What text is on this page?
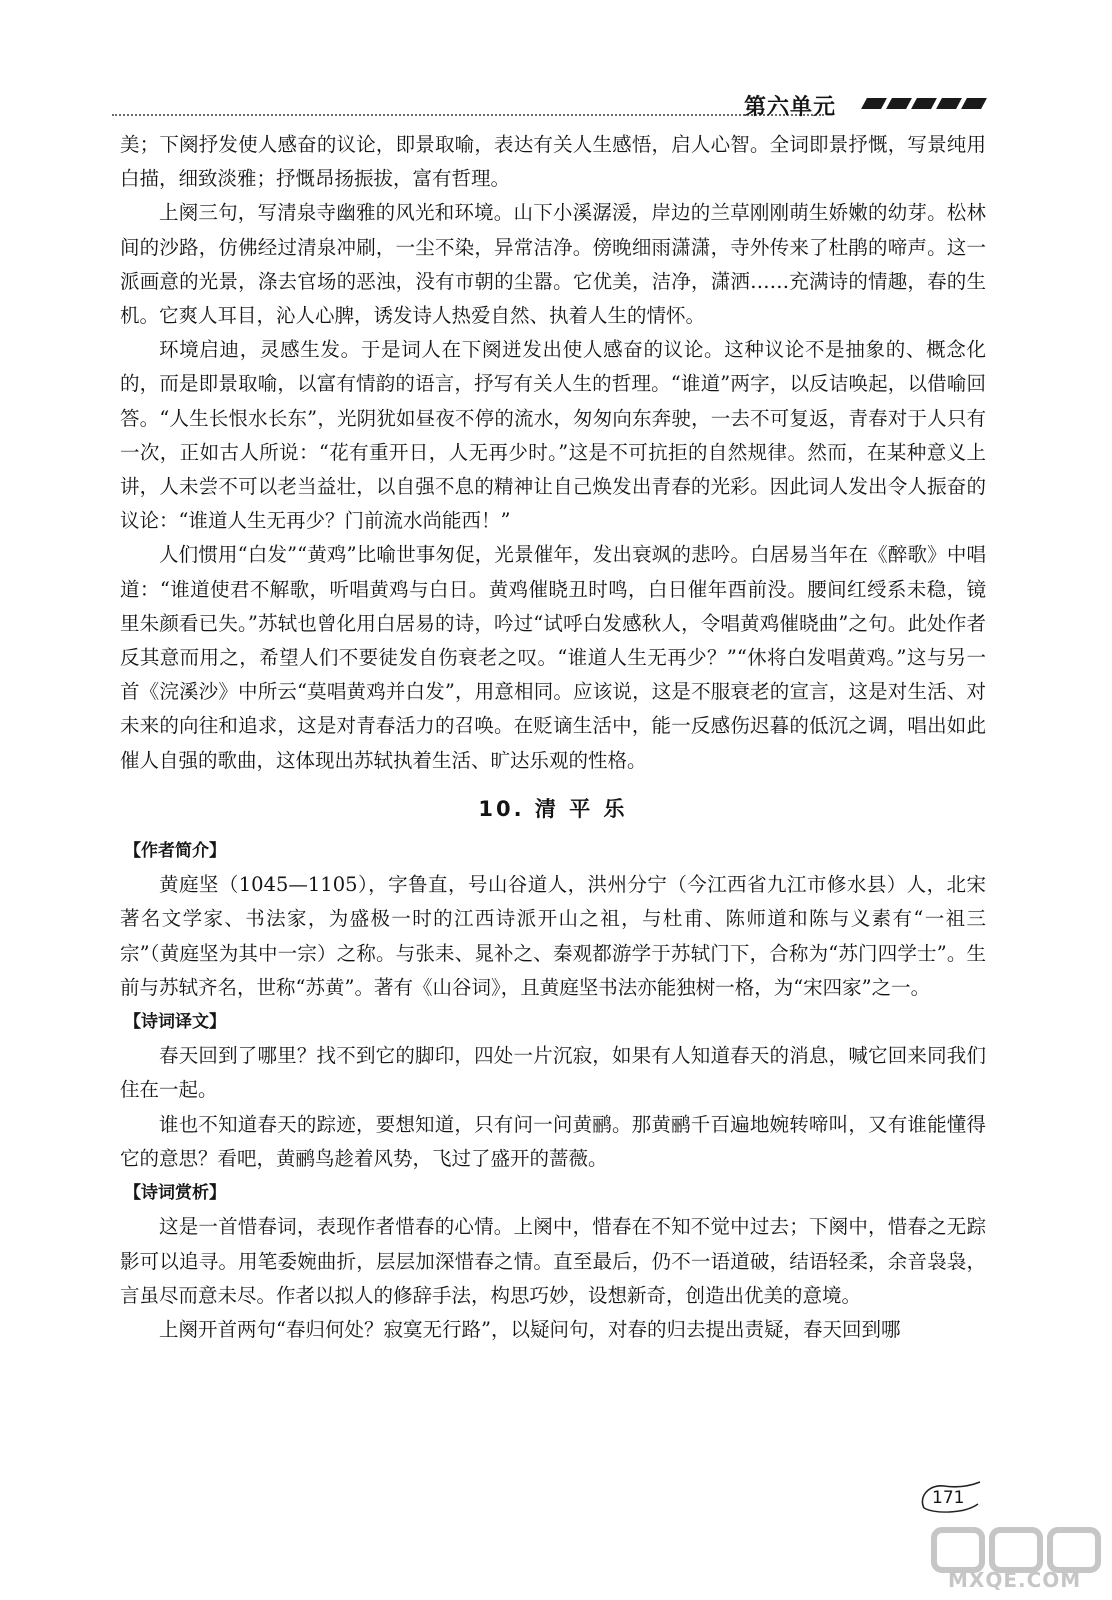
第六单元

美；下阕抒发使人感奋的议论，即景取喻，表达有关人生感悟，启人心智。全词即景抒慨，写景纯用白描，细致淡雅；抒慨昂扬振拔，富有哲理。

上阕三句，写清泉寺幽雅的风光和环境。山下小溪潺湲，岸边的兰草刚刚萌生娇嫩的幼芽。松林间的沙路，仿佛经过清泉冲刷，一尘不染，异常洁净。傍晚细雨潇潇，寺外传来了杜鹃的啼声。这一派画意的光景，涤去官场的恶浊，没有市朝的尘嚣。它优美，洁净，潇洒……充满诗的情趣，春的生机。它爽人耳目，沁人心脾，诱发诗人热爱自然、执着人生的情怀。

环境启迪，灵感生发。于是词人在下阕迸发出使人感奋的议论。这种议论不是抽象的、概念化的，而是即景取喻，以富有情韵的语言，抒写有关人生的哲理。“谁道”两字，以反诘唤起，以借喻回答。“人生长恨水长东”，光阴犹如昼夜不停的流水，匆匆向东奔驶，一去不可复返，青春对于人只有一次，正如古人所说：“花有重开日，人无再少时。”这是不可抗拒的自然规律。然而，在某种意义上讲，人未尝不可以老当益壮，以自强不息的精神让自己焕发出青春的光彩。因此词人发出令人振奋的议论：“谁道人生无再少？门前流水尚能西！”

人们惯用“白发”“黄鸡”比喻世事匆促，光景催年，发出衰飒的悲吟。白居易当年在《醉歌》中唱道：“谁道使君不解歌，听唱黄鸡与白日。黄鸡催晓丑时鸣，白日催年酉前没。腰间红绶系未稳，镜里朱颜看已失。”苏轼也曾化用白居易的诗，吟过“试呼白发感秋人，令唱黄鸡催晓曲”之句。此处作者反其意而用之，希望人们不要徒发自伤衰老之叹。“谁道人生无再少？”“休将白发唱黄鸡。”这与另一首《浣溪沙》中所云“莫唱黄鸡并白发”，用意相同。应该说，这是不服衰老的宣言，这是对生活、对未来的向往和追求，这是对青春活力的召唤。在贬谪生活中，能一反感伤迟暮的低沉之调，唱出如此催人自强的歌曲，这体现出苏轼执着生活、旷达乐观的性格。

10. 清 平 乐
【作者简介】

黄庭坚（1045—1105），字鲁直，号山谷道人，洪州分宁（今江西省九江市修水县）人，北宋著名文学家、书法家，为盛极一时的江西诗派开山之祖，与杜甫、陈师道和陈与义素有“一祖三宗”（黄庭坚为其中一宗）之称。与张耒、晁补之、秦观都游学于苏轼门下，合称为“苏门四学士”。生前与苏轼齐名，世称“苏黄”。著有《山谷词》，且黄庭坚书法亦能独树一格，为“宋四家”之一。

【诗词译文】

春天回到了哪里？找不到它的脚印，四处一片沉寂，如果有人知道春天的消息，喊它回来同我们住在一起。

谁也不知道春天的踪迹，要想知道，只有问一问黄鹂。那黄鹂千百遍地婉转啼叫，又有谁能懂得它的意思？看吧，黄鹂鸟趁着风势，飞过了盛开的蔷薇。

【诗词赏析】

这是一首惜春词，表现作者惜春的心情。上阕中，惜春在不知不觉中过去；下阕中，惜春之无踪影可以追寻。用笔委婉曲折，层层加深惜春之情。直至最后，仍不一语道破，结语轻柔，余音袅袅，言虽尽而意未尽。作者以拟人的修辞手法，构思巧妙，设想新奇，创造出优美的意境。

上阕开首两句“春归何处？寂寞无行路”，以疑问句，对春的归去提出责疑，春天回到哪

171
MXQE.COM
